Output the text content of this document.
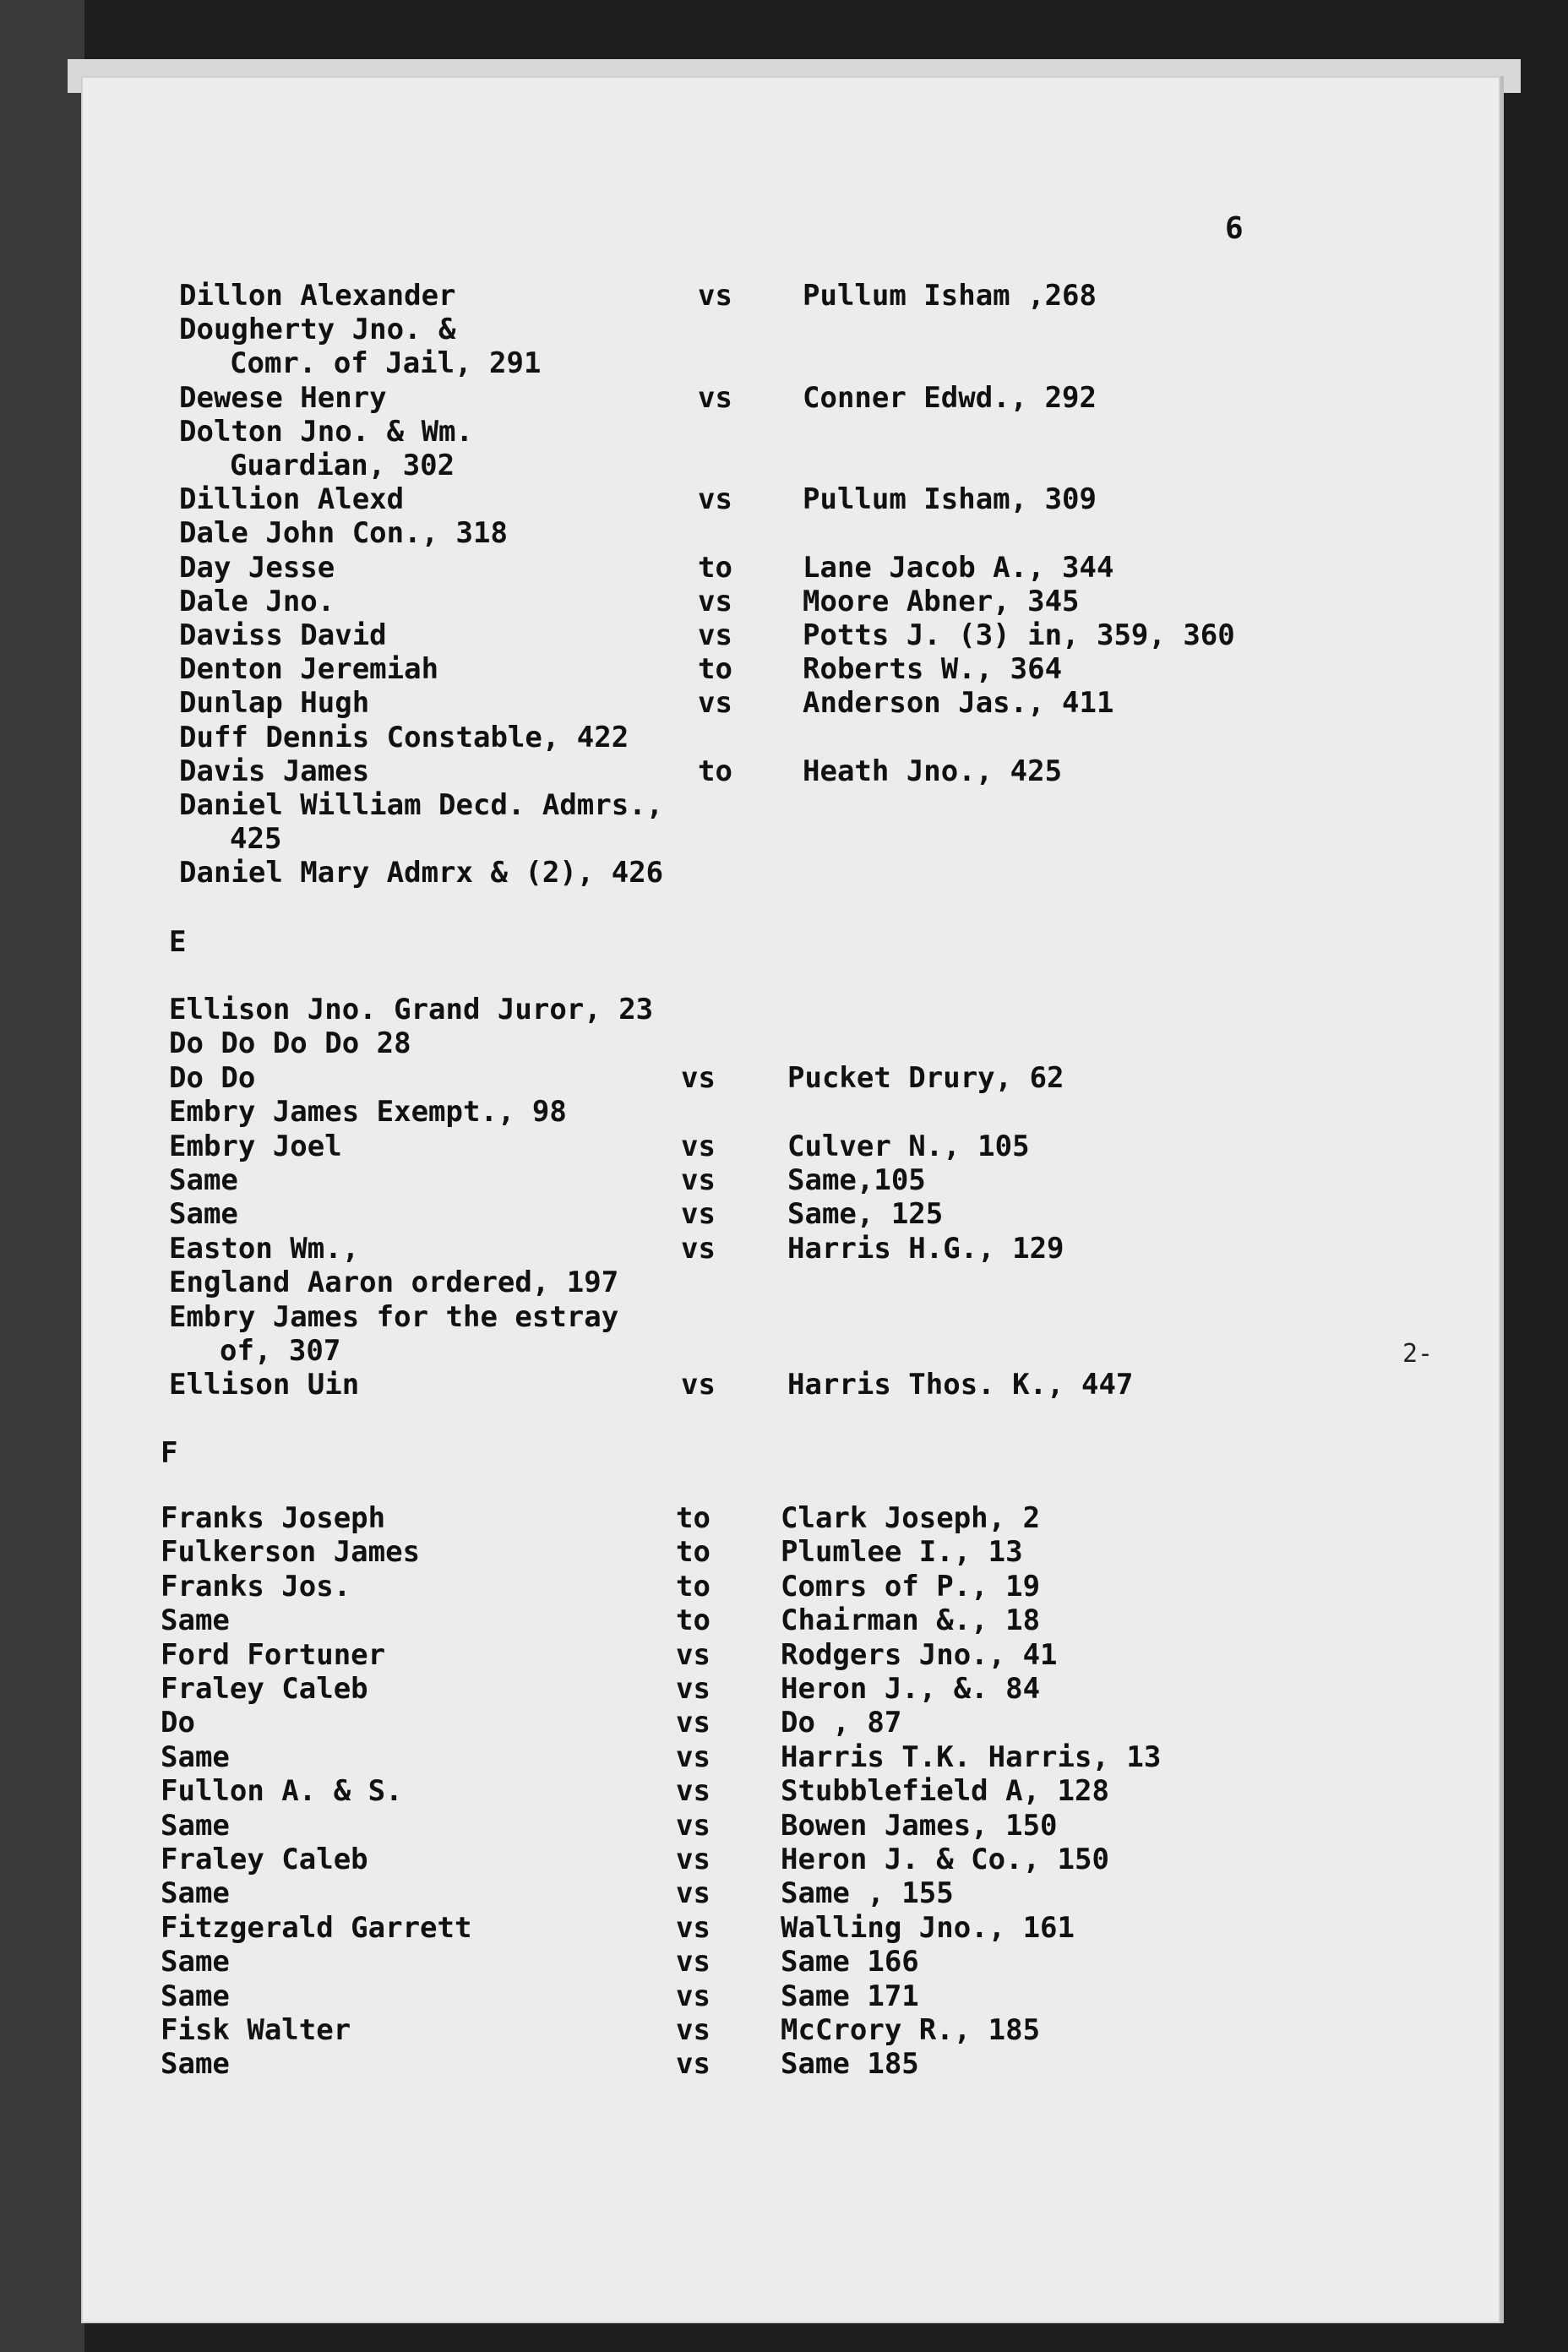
6
Dillon Alexander	vs Pullum Isham ,268
Dougherty Jno. &
Comr. of Jail, 291
Dewese Henry	vs Conner Edwd., 292
Dolton Jno. & Wm.
Guardian, 302
Dillion Alexd	vs Pullum Isham, 309
Dale John Con., 318
Day Jesse	to Lane Jacob A., 344
Dale Jno.	vs Moore Abner, 345
Daviss David	vs Potts J. (3) in, 359, 360
Denton Jeremiah	to Roberts W., 364
Dunlap Hugh	vs Anderson Jas., 411
Duff Dennis Constable, 422
Davis James	to Heath Jno., 425
Daniel William Decd. Admrs.,
425
Daniel Mary Admrx & (2), 426
Ellison Jno. Grand Juror, 23
Do Do Do Do 28
Do Do	vs	Pucket Drury, 62
Embry James Exempt., 98
Embry Joel	vs	Culver N., 105
Same	vs	Same,105
Same	vs	Same, 125
Easton Wm.,	vs	Harris H.G., 129
England Aaron ordered, 197
Embry James for the estray
of, 307
Ellison Uin	vs	Harris Thos. K., 447
Franks Joseph	to Clark Joseph, 2
Fulkerson James	to Plumlee I., 13
Franks Jos.	to Comrs of P., 19
Same	to Chairman &., 18
Ford Fortuner	vs Rodgers Jno., 41
Fraley Caleb	vs Heron J., &. 84
Do	vs Do , 87
Same	vs Harris T.K. Harris, 13
Fullon A. & S.	vs Stubblefield A, 128
Same	vs Bowen James, 150
Fraley Caleb	vs Heron J. & Co., 150
Same	vs Same , 155
Fitzgerald Garrett	vs Walling Jno., 161
Same	vs Same 166
Same	vs Same 171
Fisk Walter	vs McCrory R., 185
Same	vs Same 185
E
F
2-
